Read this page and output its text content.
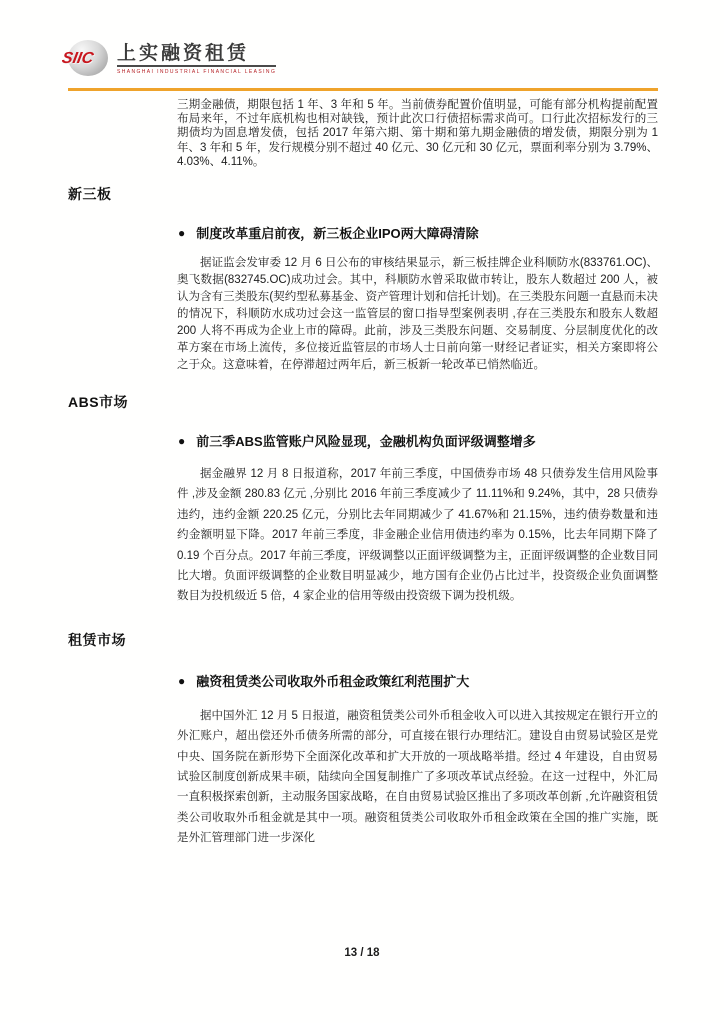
SIIC 上实融资租赁
SHANGHAI INDUSTRIAL FINANCIAL LEASING

三期金融债，期限包括 1 年、3 年和 5 年。当前债券配置价值明显，可能有部分机构提前配置布局来年，不过年底机构也相对缺钱，预计此次口行债招标需求尚可。口行此次招标发行的三期债均为固息增发债，包括 2017 年第六期、第十期和第九期金融债的增发债，期限分别为 1 年、3 年和 5 年，发行规模分别不超过 40 亿元、30 亿元和 30 亿元，票面利率分别为 3.79%、4.03%、4.11%。

新三板
● 制度改革重启前夜，新三板企业IPO两大障碍清除

据证监会发审委 12 月 6 日公布的审核结果显示，新三板挂牌企业科顺防水(833761.OC)、奥飞数据(832745.OC)成功过会。其中，科顺防水曾采取做市转让，股东人数超过 200 人，被认为含有三类股东(契约型私募基金、资产管理计划和信托计划)。在三类股东问题一直悬而未决的情况下，科顺防水成功过会这一监管层的窗口指导型案例表明 ,存在三类股东和股东人数超 200 人将不再成为企业上市的障碍。此前，涉及三类股东问题、交易制度、分层制度优化的改革方案在市场上流传，多位接近监管层的市场人士日前向第一财经记者证实，相关方案即将公之于众。这意味着，在停滞超过两年后，新三板新一轮改革已悄然临近。

ABS市场
● 前三季ABS监管账户风险显现，金融机构负面评级调整增多

据金融界 12 月 8 日报道称，2017 年前三季度，中国债券市场 48 只债券发生信用风险事件 ,涉及金额 280.83 亿元 ,分别比 2016 年前三季度减少了 11.11%和 9.24%，其中，28 只债券违约，违约金额 220.25 亿元，分别比去年同期减少了 41.67%和 21.15%，违约债券数量和违约金额明显下降。2017 年前三季度，非金融企业信用债违约率为 0.15%，比去年同期下降了 0.19 个百分点。2017 年前三季度，评级调整以正面评级调整为主，正面评级调整的企业数目同比大增。负面评级调整的企业数目明显减少，地方国有企业仍占比过半，投资级企业负面调整数目为投机级近 5 倍，4 家企业的信用等级由投资级下调为投机级。

租赁市场
● 融资租赁类公司收取外币租金政策红利范围扩大

据中国外汇 12 月 5 日报道，融资租赁类公司外币租金收入可以进入其按规定在银行开立的外汇账户，超出偿还外币债务所需的部分，可直接在银行办理结汇。建设自由贸易试验区是党中央、国务院在新形势下全面深化改革和扩大开放的一项战略举措。经过 4 年建设，自由贸易试验区制度创新成果丰硕，陆续向全国复制推广了多项改革试点经验。在这一过程中，外汇局一直积极探索创新，主动服务国家战略，在自由贸易试验区推出了多项改革创新 ,允许融资租赁类公司收取外币租金就是其中一项。融资租赁类公司收取外币租金政策在全国的推广实施，既是外汇管理部门进一步深化

13 / 18
